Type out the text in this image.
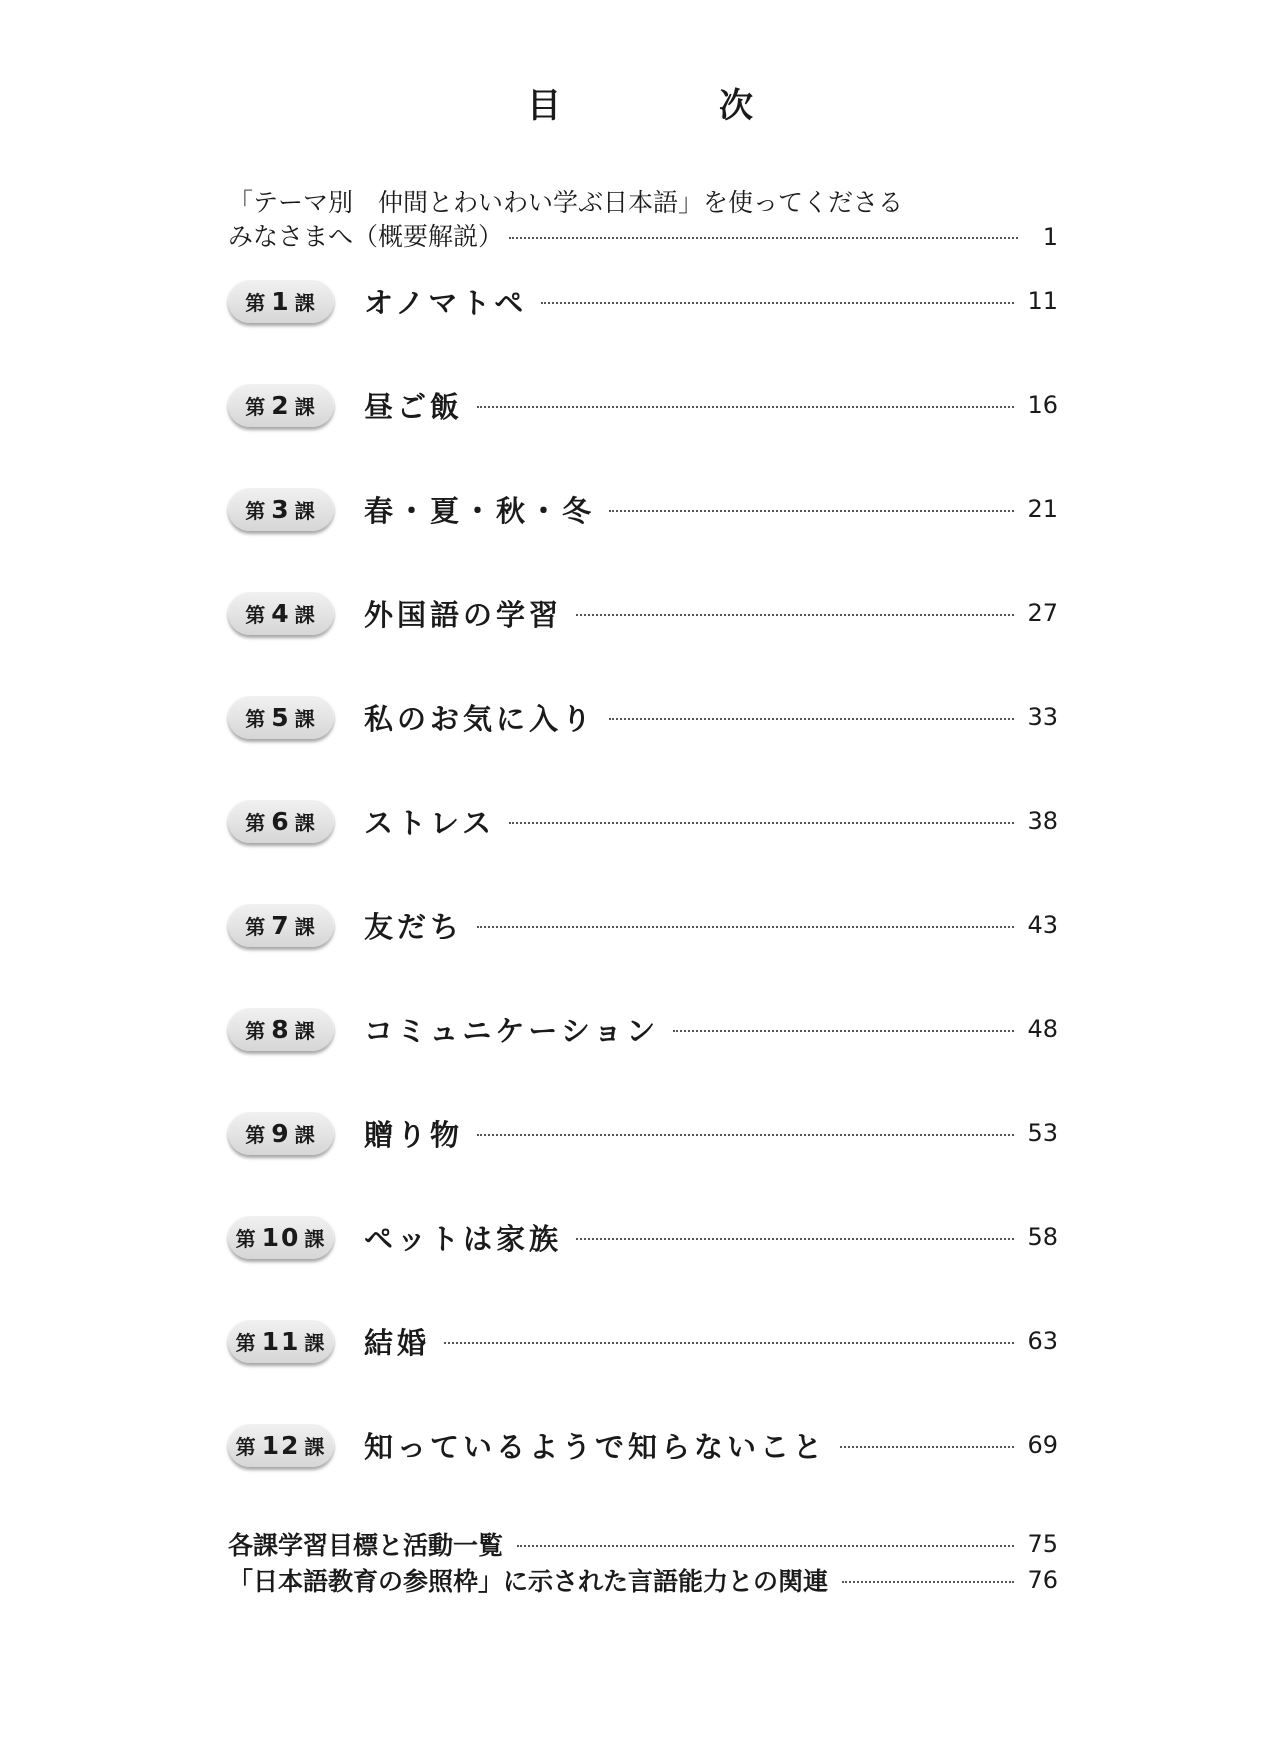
目　次
「テーマ別　仲間とわいわい学ぶ日本語」を使ってくださる
みなさまへ（概要解説）	1
第 1 課 オノマトペ	11
第 2 課 昼ご飯	16
第 3 課 春・夏・秋・冬	21
第 4 課 外国語の学習	27
第 5 課 私のお気に入り	33
第 6 課 ストレス	38
第 7 課 友だち	43
第 8 課 コミュニケーション	48
第 9 課 贈り物	53
第 10 課 ペットは家族	58
第 11 課 結婚	63
第 12 課 知っているようで知らないこと	69
各課学習目標と活動一覧	75
「日本語教育の参照枠」に示された言語能力との関連	76
